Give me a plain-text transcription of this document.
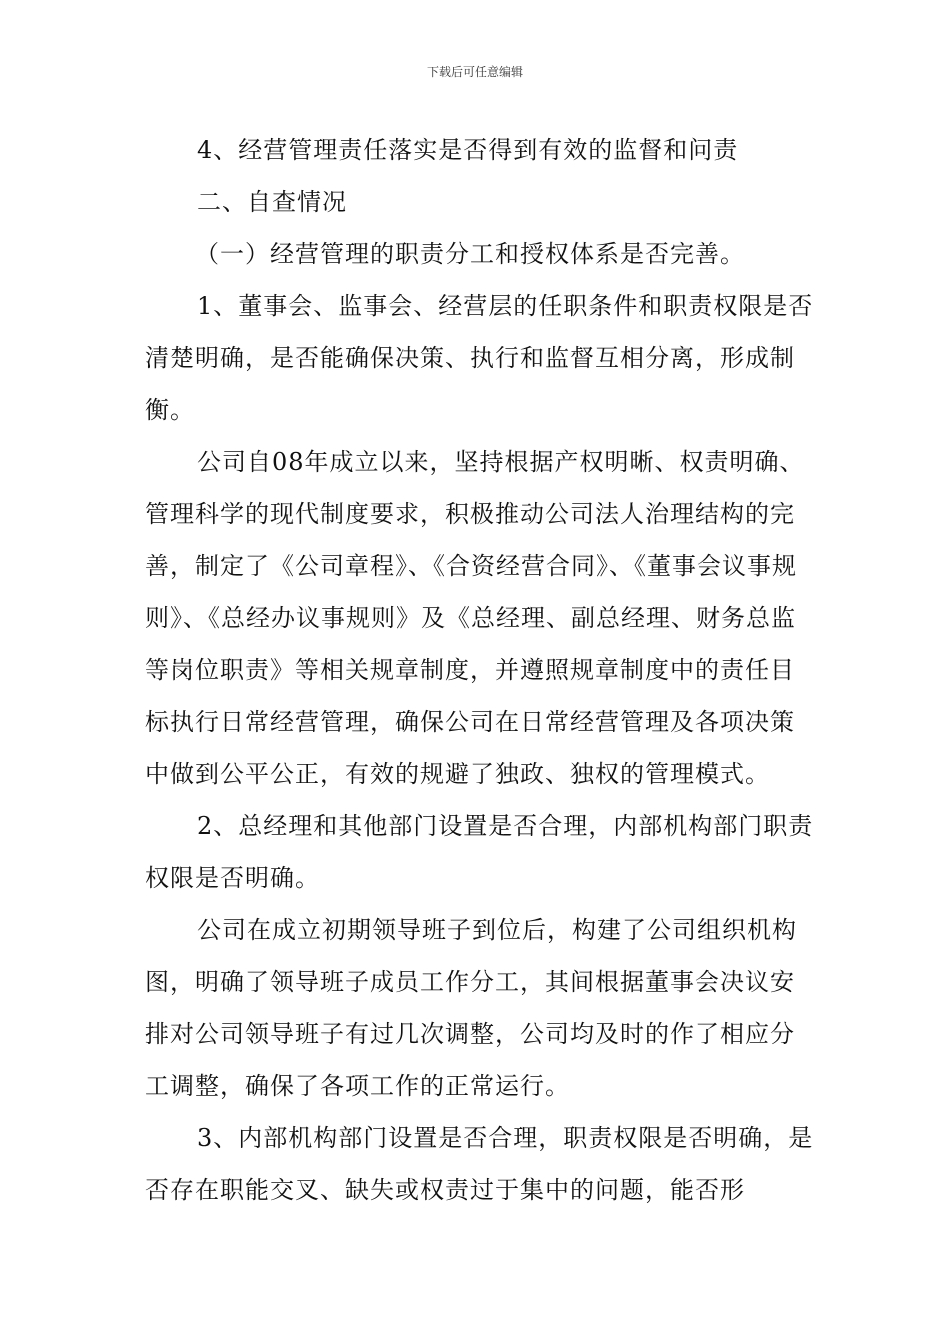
下载后可任意编辑

4、经营管理责任落实是否得到有效的监督和问责

二、自查情况

（一）经营管理的职责分工和授权体系是否完善。

1、董事会、监事会、经营层的任职条件和职责权限是否清楚明确，是否能确保决策、执行和监督互相分离，形成制衡。

公司自08年成立以来，坚持根据产权明晰、权责明确、管理科学的现代制度要求，积极推动公司法人治理结构的完善，制定了《公司章程》、《合资经营合同》、《董事会议事规则》、《总经办议事规则》及《总经理、副总经理、财务总监等岗位职责》等相关规章制度，并遵照规章制度中的责任目标执行日常经营管理，确保公司在日常经营管理及各项决策中做到公平公正，有效的规避了独政、独权的管理模式。

2、总经理和其他部门设置是否合理，内部机构部门职责权限是否明确。

公司在成立初期领导班子到位后，构建了公司组织机构图，明确了领导班子成员工作分工，其间根据董事会决议安排对公司领导班子有过几次调整，公司均及时的作了相应分工调整，确保了各项工作的正常运行。

3、内部机构部门设置是否合理，职责权限是否明确，是否存在职能交叉、缺失或权责过于集中的问题，能否形
